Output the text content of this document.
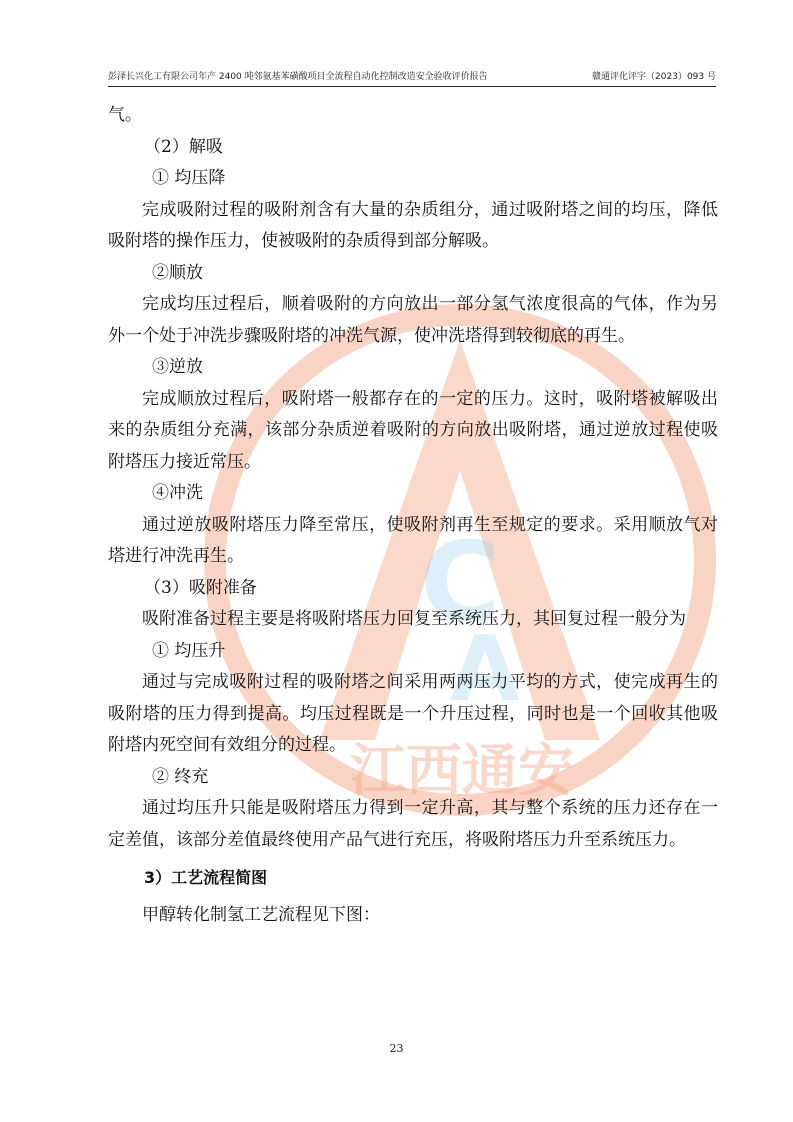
彭泽长兴化工有限公司年产 2400 吨邻氨基苯磺酸项目全流程自动化控制改造安全验收评价报告	赣通评化评字（2023）093 号
C
A
江西通安

气。

（2）解吸

① 均压降

完成吸附过程的吸附剂含有大量的杂质组分，通过吸附塔之间的均压，降低吸附塔的操作压力，使被吸附的杂质得到部分解吸。

②顺放

完成均压过程后，顺着吸附的方向放出一部分氢气浓度很高的气体，作为另外一个处于冲洗步骤吸附塔的冲洗气源，使冲洗塔得到较彻底的再生。

③逆放

完成顺放过程后，吸附塔一般都存在的一定的压力。这时，吸附塔被解吸出来的杂质组分充满，该部分杂质逆着吸附的方向放出吸附塔，通过逆放过程使吸附塔压力接近常压。

④冲洗

通过逆放吸附塔压力降至常压，使吸附剂再生至规定的要求。采用顺放气对塔进行冲洗再生。

（3）吸附准备

吸附准备过程主要是将吸附塔压力回复至系统压力，其回复过程一般分为

① 均压升

通过与完成吸附过程的吸附塔之间采用两两压力平均的方式，使完成再生的吸附塔的压力得到提高。均压过程既是一个升压过程，同时也是一个回收其他吸附塔内死空间有效组分的过程。

② 终充

通过均压升只能是吸附塔压力得到一定升高，其与整个系统的压力还存在一定差值，该部分差值最终使用产品气进行充压，将吸附塔压力升至系统压力。

3）工艺流程简图

甲醇转化制氢工艺流程见下图：

23
